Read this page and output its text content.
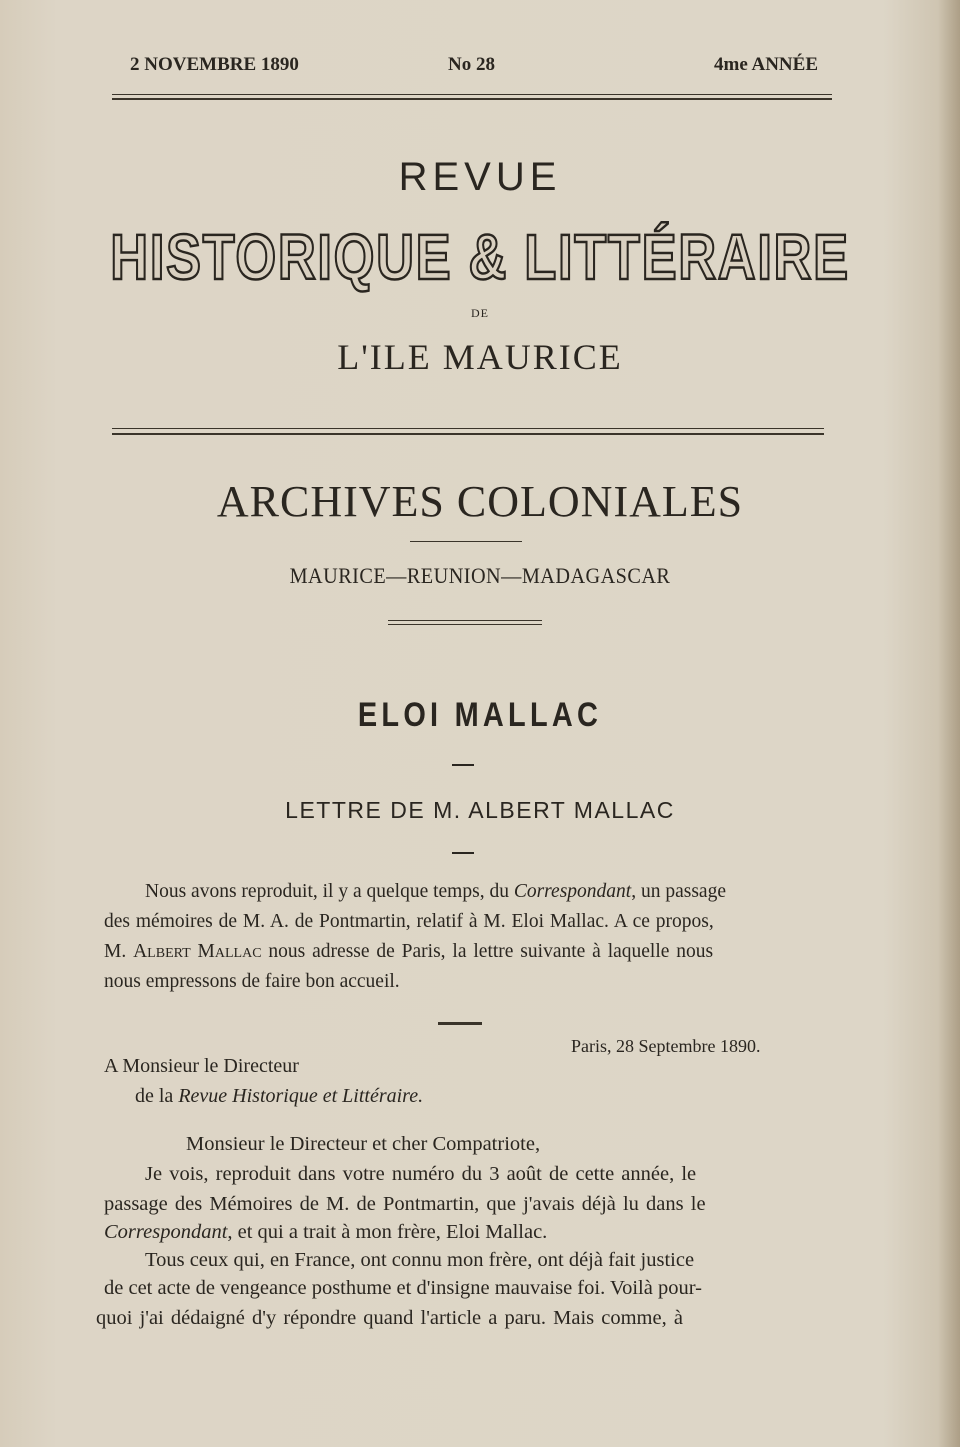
2 NOVEMBRE 1890	No 28	4me ANNÉE
REVUE
HISTORIQUE & LITTÉRAIRE
DE
L'ILE MAURICE
ARCHIVES COLONIALES
MAURICE—REUNION—MADAGASCAR
ELOI MALLAC
LETTRE DE M. ALBERT MALLAC
Nous avons reproduit, il y a quelque temps, du Correspondant, un passage
des mémoires de M. A. de Pontmartin, relatif à M. Eloi Mallac. A ce propos,
M. Albert Mallac nous adresse de Paris, la lettre suivante à laquelle nous
nous empressons de faire bon accueil.
Paris, 28 Septembre 1890.
A Monsieur le Directeur
de la Revue Historique et Littéraire.
Monsieur le Directeur et cher Compatriote,
Je vois, reproduit dans votre numéro du 3 août de cette année, le
passage des Mémoires de M. de Pontmartin, que j'avais déjà lu dans le
Correspondant, et qui a trait à mon frère, Eloi Mallac.
Tous ceux qui, en France, ont connu mon frère, ont déjà fait justice
de cet acte de vengeance posthume et d'insigne mauvaise foi. Voilà pour-
quoi j'ai dédaigné d'y répondre quand l'article a paru. Mais comme, à
